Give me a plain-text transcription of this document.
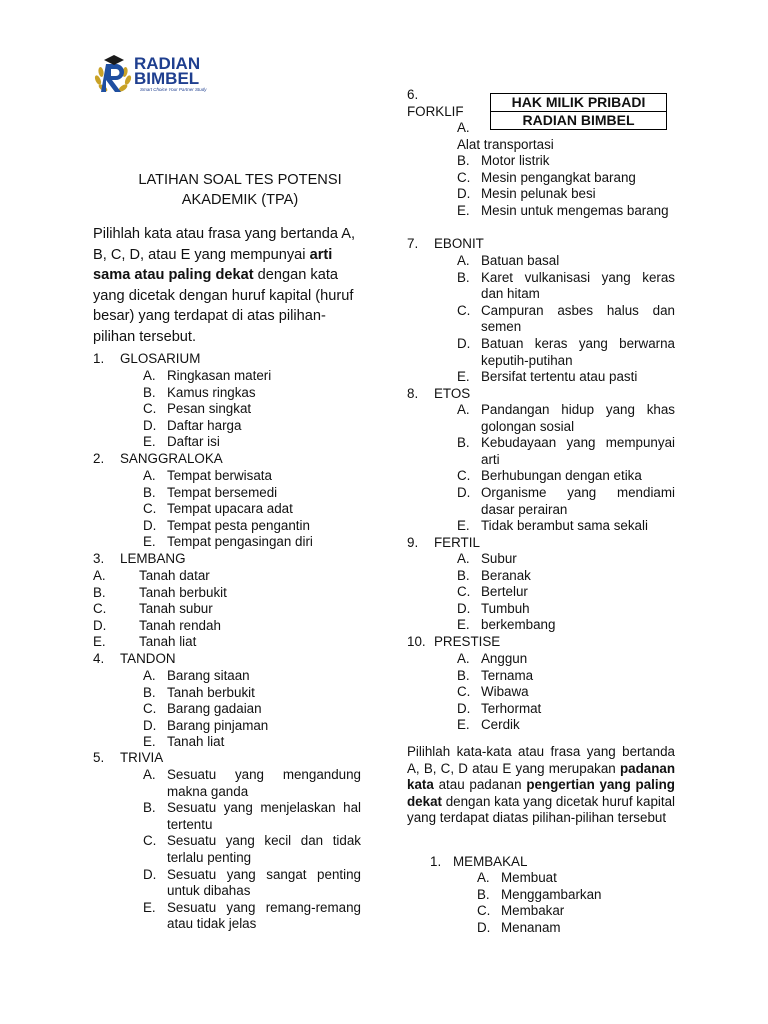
RADIAN
BIMBEL
Smart Choice Your Partner Study
LATIHAN SOAL TES POTENSI
AKADEMIK (TPA)
Pilihlah kata atau frasa yang bertanda A, B, C, D, atau E yang mempunyai arti sama atau paling dekat dengan kata yang dicetak dengan huruf kapital (huruf besar) yang terdapat di atas pilihan-pilihan tersebut.
HAK MILIK PRIBADI
RADIAN BIMBEL
1. GLOSARIUM
A. Ringkasan materi
B. Kamus ringkas
C. Pesan singkat
D. Daftar harga
E. Daftar isi
2. SANGGRALOKA
A. Tempat berwisata
B. Tempat bersemedi
C. Tempat upacara adat
D. Tempat pesta pengantin
E. Tempat pengasingan diri
3. LEMBANG
A. Tanah datar
B. Tanah berbukit
C. Tanah subur
D. Tanah rendah
E. Tanah liat
4. TANDON
A. Barang sitaan
B. Tanah berbukit
C. Barang gadaian
D. Barang pinjaman
E. Tanah liat
5. TRIVIA
A. Sesuatu yang mengandung makna ganda
B. Sesuatu yang menjelaskan hal tertentu
C. Sesuatu yang kecil dan tidak terlalu penting
D. Sesuatu yang sangat penting untuk dibahas
E. Sesuatu yang remang-remang atau tidak jelas
6.
FORKLIF
A.
Alat transportasi
B. Motor listrik
C. Mesin pengangkat barang
D. Mesin pelunak besi
E. Mesin untuk mengemas barang
7. EBONIT
A. Batuan basal
B. Karet vulkanisasi yang keras dan hitam
C. Campuran asbes halus dan semen
D. Batuan keras yang berwarna keputih-putihan
E. Bersifat tertentu atau pasti
8. ETOS
A. Pandangan hidup yang khas golongan sosial
B. Kebudayaan yang mempunyai arti
C. Berhubungan dengan etika
D. Organisme yang mendiami dasar perairan
E. Tidak berambut sama sekali
9. FERTIL
A. Subur
B. Beranak
C. Bertelur
D. Tumbuh
E. berkembang
10. PRESTISE
A. Anggun
B. Ternama
C. Wibawa
D. Terhormat
E. Cerdik
Pilihlah kata-kata atau frasa yang bertanda A, B, C, D atau E yang merupakan padanan kata atau padanan pengertian yang paling dekat dengan kata yang dicetak huruf kapital yang terdapat diatas pilihan-pilihan tersebut
1. MEMBAKAL
A. Membuat
B. Menggambarkan
C. Membakar
D. Menanam
